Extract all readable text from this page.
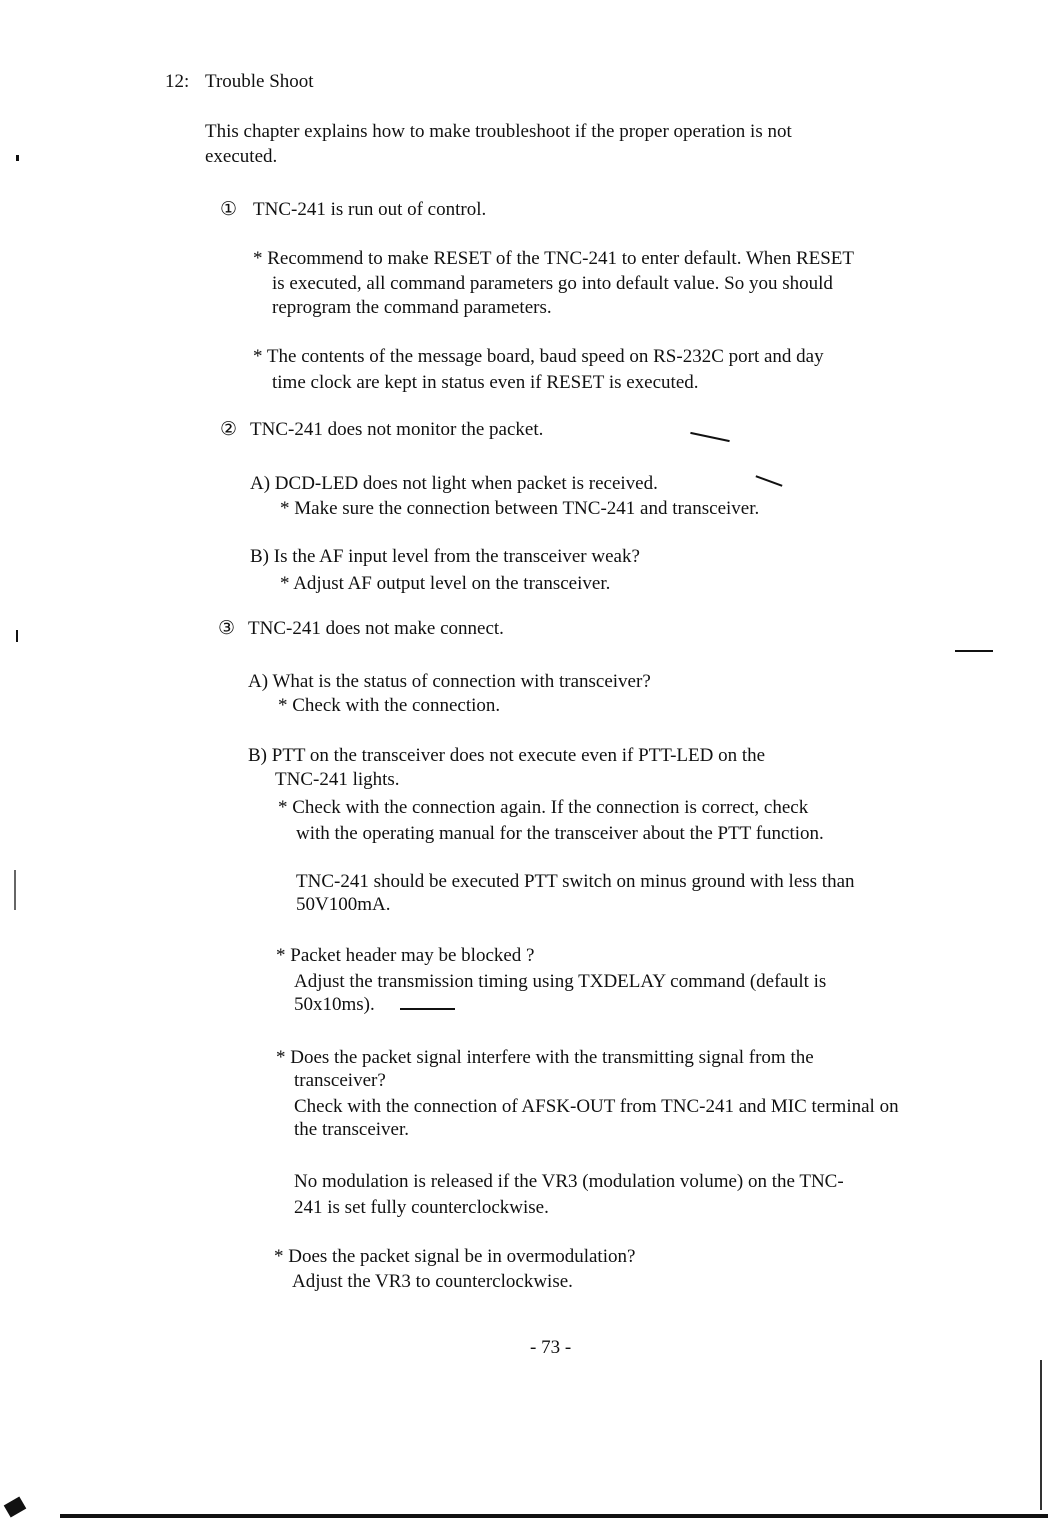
12: Trouble Shoot
This chapter explains how to make troubleshoot if the proper operation is not
executed.
① TNC-241 is run out of control.
* Recommend to make RESET of the TNC-241 to enter default. When RESET
is executed, all command parameters go into default value. So you should
reprogram the command parameters.
* The contents of the message board, baud speed on RS-232C port and day
time clock are kept in status even if RESET is executed.
② TNC-241 does not monitor the packet.
A) DCD-LED does not light when packet is received.
* Make sure the connection between TNC-241 and transceiver.
B) Is the AF input level from the transceiver weak?
* Adjust AF output level on the transceiver.
③ TNC-241 does not make connect.
A) What is the status of connection with transceiver?
* Check with the connection.
B) PTT on the transceiver does not execute even if PTT-LED on the
TNC-241 lights.
* Check with the connection again. If the connection is correct, check
with the operating manual for the transceiver about the PTT function.
TNC-241 should be executed PTT switch on minus ground with less than
50V100mA.
* Packet header may be blocked ?
Adjust the transmission timing using TXDELAY command (default is
50x10ms).
* Does the packet signal interfere with the transmitting signal from the
transceiver?
Check with the connection of AFSK-OUT from TNC-241 and MIC terminal on
the transceiver.
No modulation is released if the VR3 (modulation volume) on the TNC-
241 is set fully counterclockwise.
* Does the packet signal be in overmodulation?
Adjust the VR3 to counterclockwise.
- 73 -
